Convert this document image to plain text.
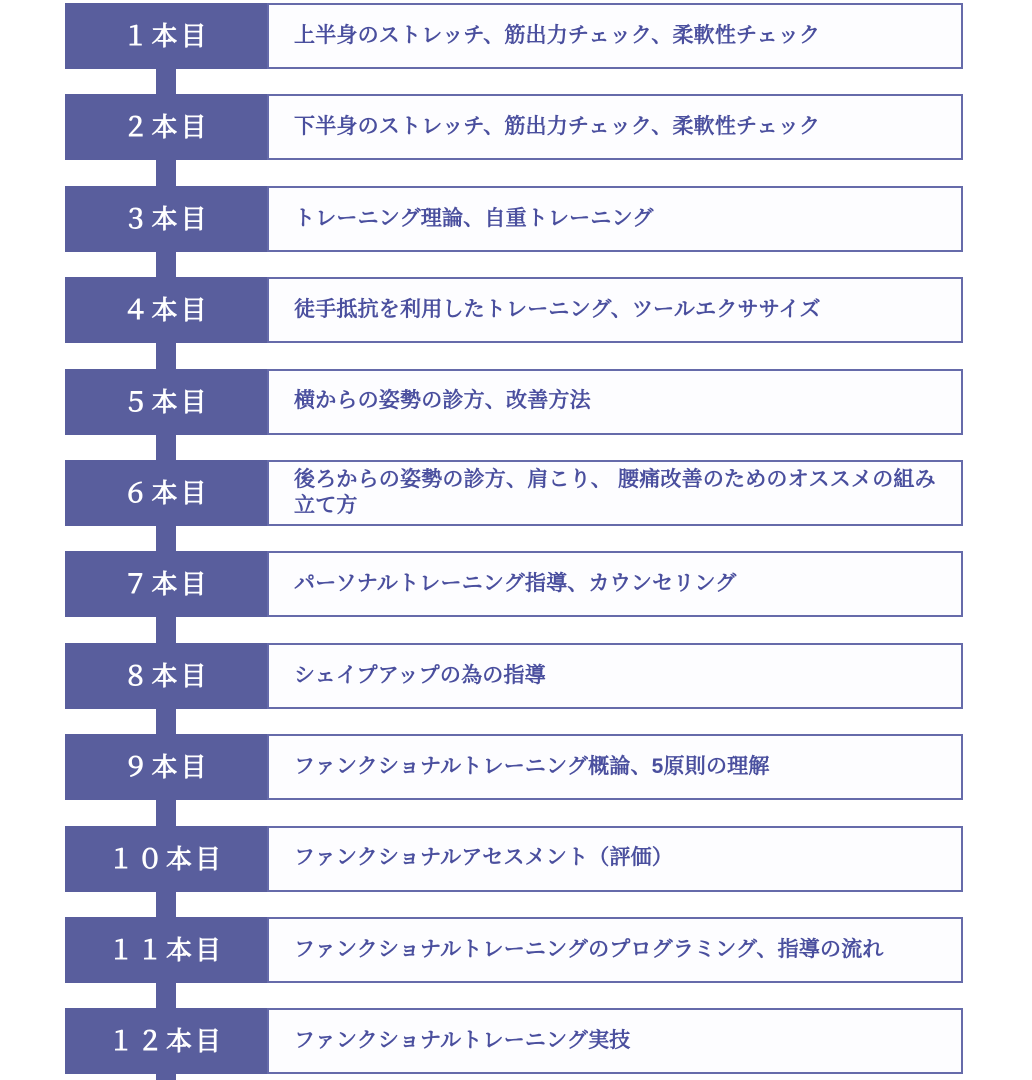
１本目	上半身のストレッチ、筋出力チェック、柔軟性チェック
２本目	下半身のストレッチ、筋出力チェック、柔軟性チェック
３本目	トレーニング理論、自重トレーニング
４本目	徒手抵抗を利用したトレーニング、ツールエクササイズ
５本目	横からの姿勢の診方、改善方法
６本目	後ろからの姿勢の診方、肩こり、 腰痛改善のためのオススメの組み立て方
７本目	パーソナルトレーニング指導、カウンセリング
８本目	シェイプアップの為の指導
９本目	ファンクショナルトレーニング概論、5原則の理解
１０本目	ファンクショナルアセスメント（評価）
１１本目	ファンクショナルトレーニングのプログラミング、指導の流れ
１２本目	ファンクショナルトレーニング実技
